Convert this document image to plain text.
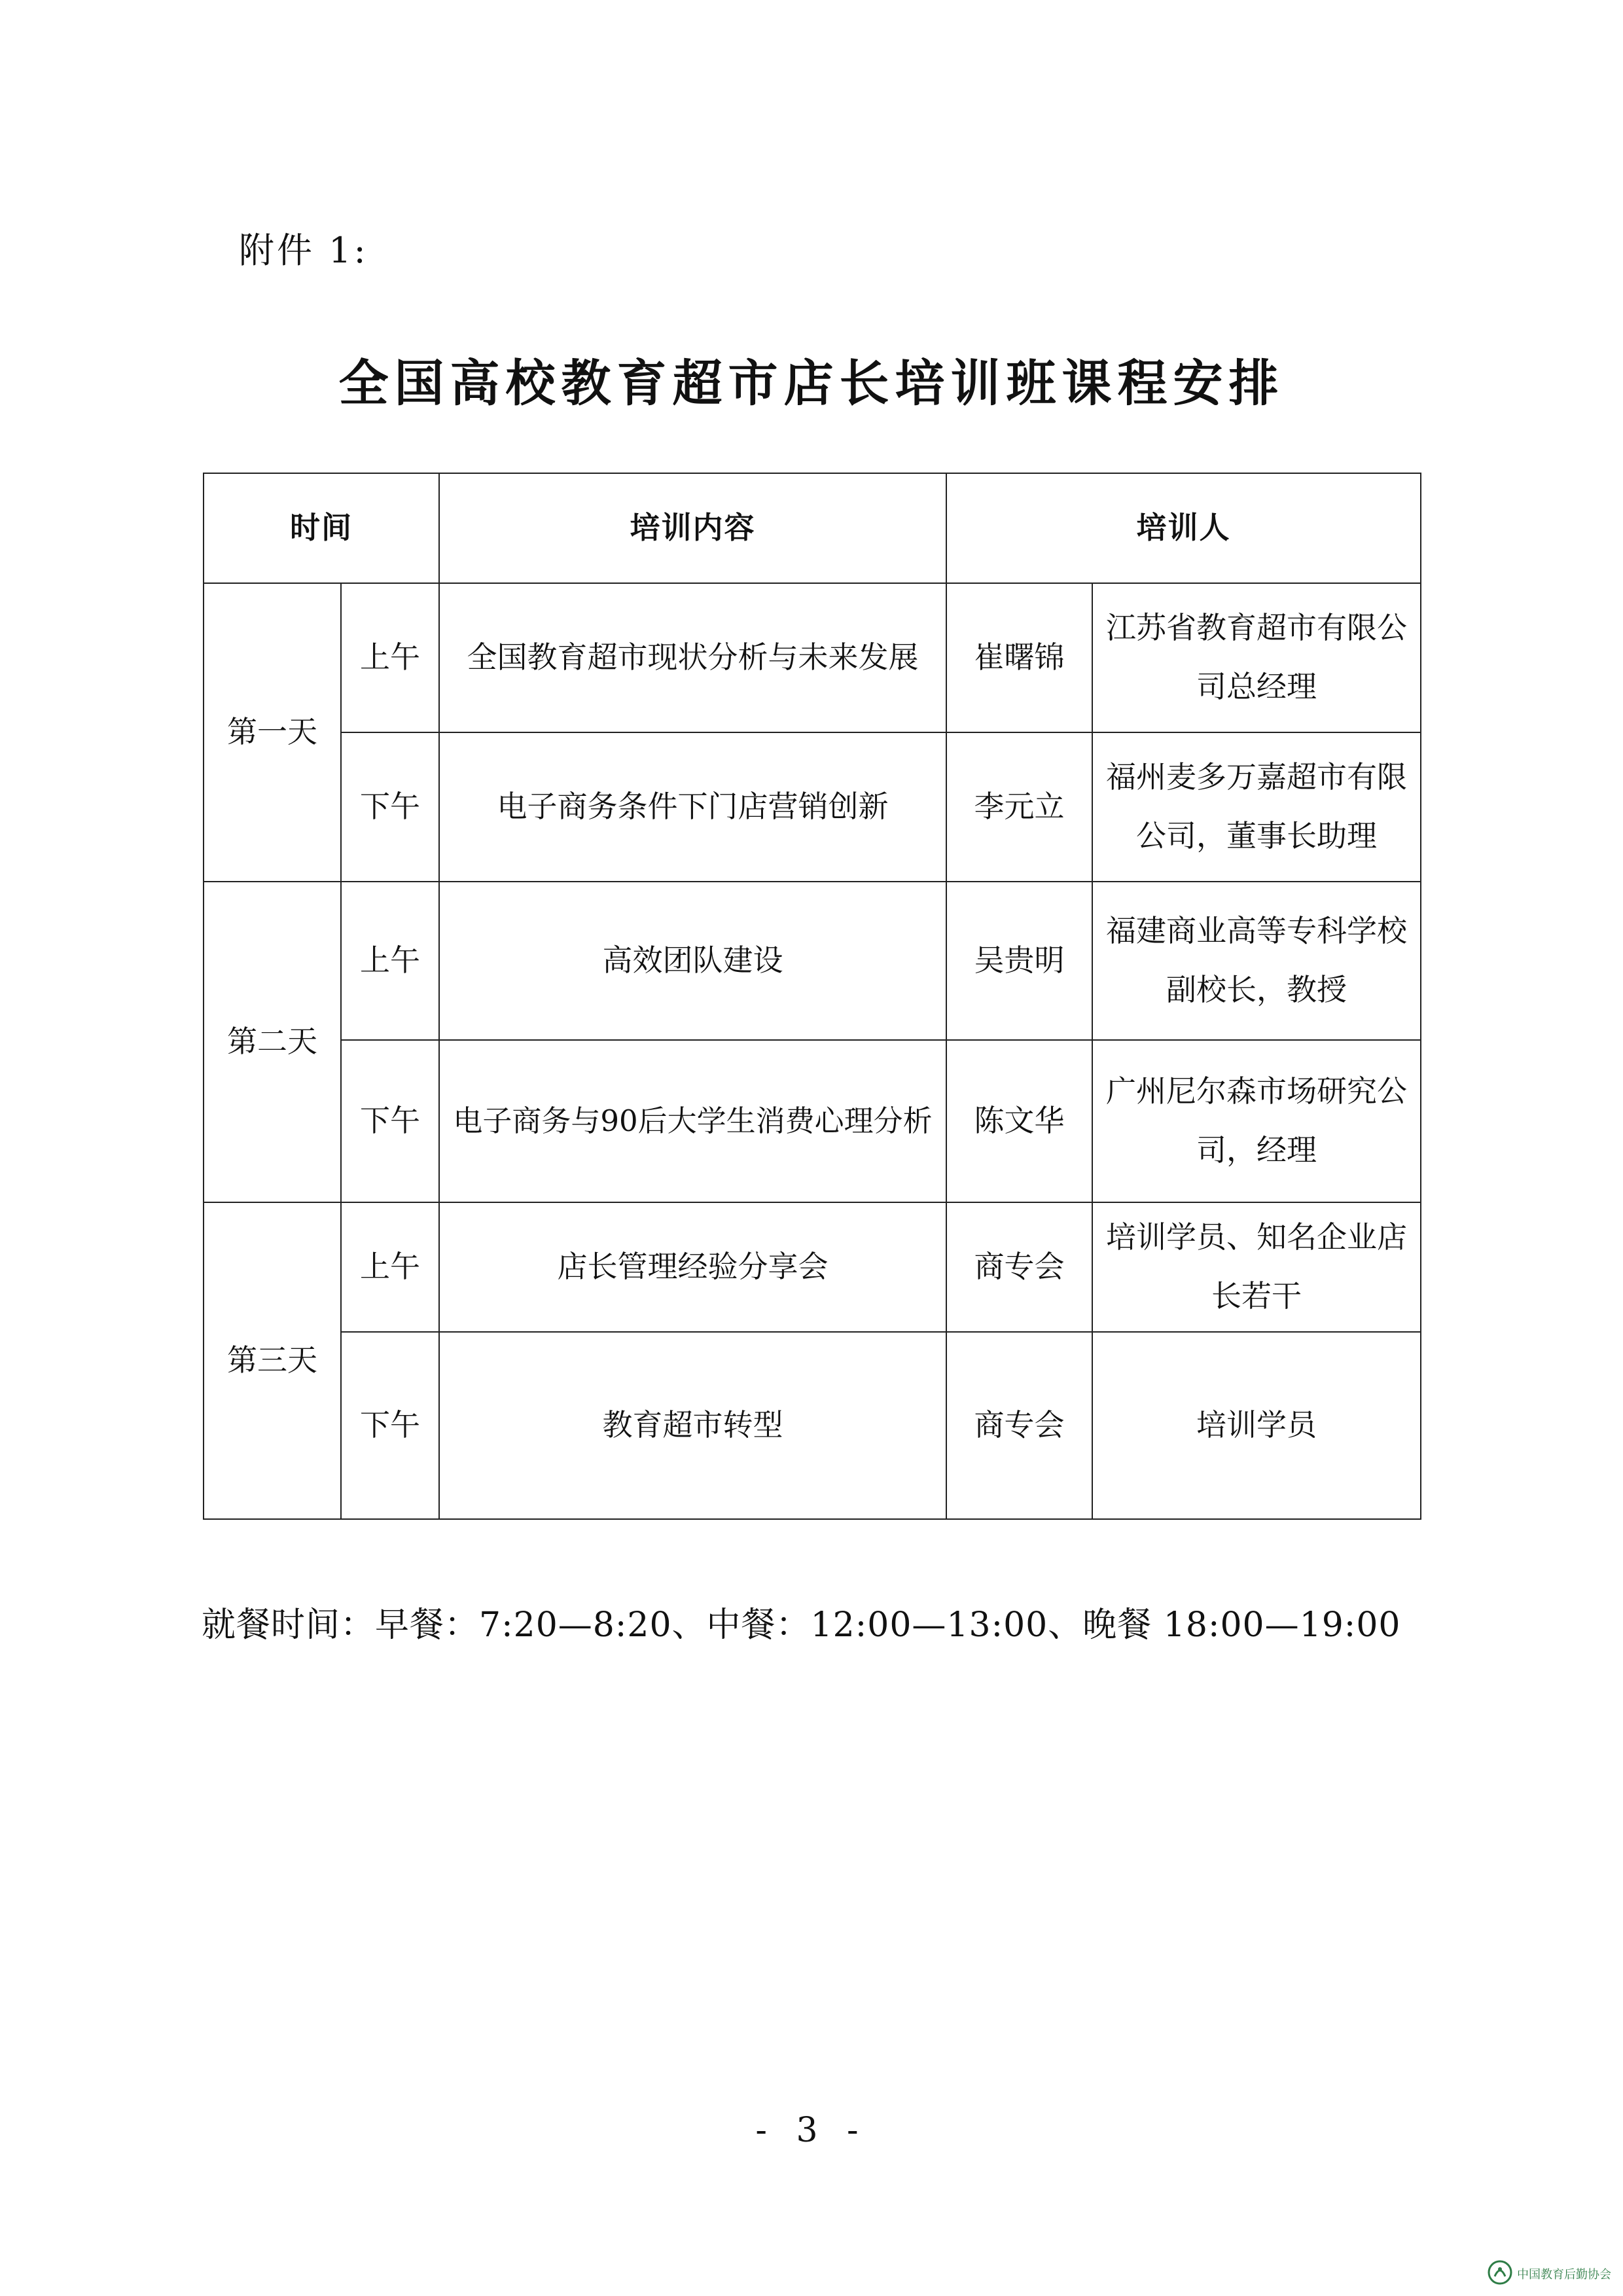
附件 1:
全国高校教育超市店长培训班课程安排
时间		培训内容	培训人	
第一天	上午	全国教育超市现状分析与未来发展	崔曙锦	江苏省教育超市有限公司总经理
	下午	电子商务条件下门店营销创新	李元立	福州麦多万嘉超市有限公司，董事长助理
第二天	上午	高效团队建设	吴贵明	福建商业高等专科学校副校长，教授
	下午	电子商务与90后大学生消费心理分析	陈文华	广州尼尔森市场研究公司，经理
第三天	上午	店长管理经验分享会	商专会	培训学员、知名企业店长若干
	下午	教育超市转型	商专会	培训学员
就餐时间：早餐：7:20—8:20、中餐：12:00—13:00、晚餐 18:00—19:00
- 3 -
中国教育后勤协会
